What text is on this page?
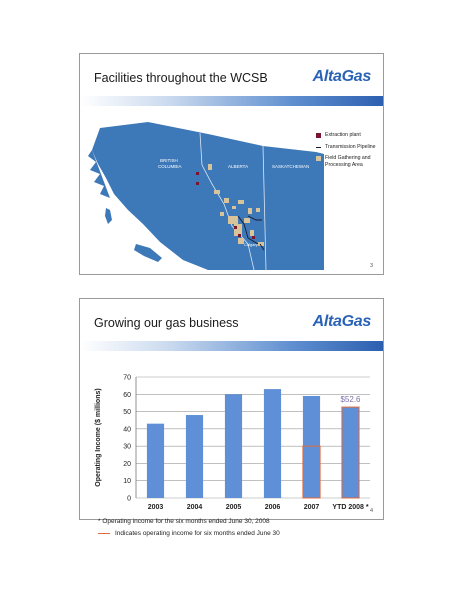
Facilities throughout the WCSB	AltaGas
BRITISH
COLUMBIA	ALBERTA	SASKATCHEWAN
Calgary
Extraction plant
Transmission Pipeline
Field Gathering and Processing Area
3
Growing our gas business	AltaGas
0
10
20
30
40
50
60
70
Operating Income ($ millions)
2003	2004	2005	2006	2007
$52.6
YTD 2008 *
* Operating income for the six months ended June 30, 2008
Indicates operating income for six months ended June 30
4
